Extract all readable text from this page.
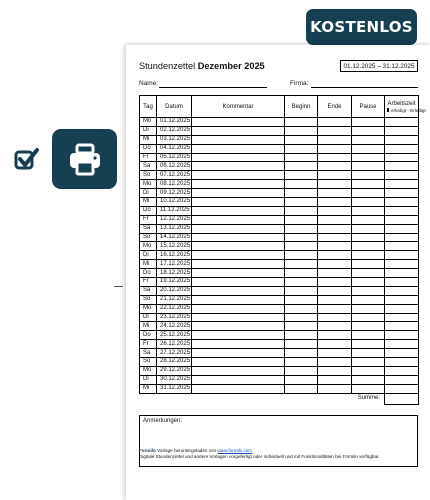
KOSTENLOS
Stundenzettel Dezember 2025	01.12.2025 – 31.12.2025
Name:	Firma:
Tag	Datum	Kommentar	Beginn	Ende	Pause	Arbeitszeit
erledigt - Erledigt

Mo	01.12.2025					
Di	02.12.2025					
Mi	03.12.2025					
Do	04.12.2025					
Fr	05.12.2025					
Sa	06.12.2025					
So	07.12.2025					
Mo	08.12.2025					
Di	09.12.2025					
Mi	10.12.2025					
Do	11.12.2025					
Fr	12.12.2025					
Sa	13.12.2025					
So	14.12.2025					
Mo	15.12.2025					
Di	16.12.2025					
Mi	17.12.2025					
Do	18.12.2025					
Fr	19.12.2025					
Sa	20.12.2025					
So	21.12.2025					
Mo	22.12.2025					
Di	23.12.2025					
Mi	24.12.2025					
Do	25.12.2025					
Fr	26.12.2025					
Sa	27.12.2025					
So	28.12.2025					
Mo	29.12.2025					
Di	30.12.2025					
Mi	31.12.2025					
					Summe:	
Anmerkungen:
Formilo Vorlage heruntergeladen von www.formilo.com
Digitale Stundenzettel und andere Vorlagen vorgefertigt oder individuell und mit Funktionalitäten bei Formilo verfügbar.
